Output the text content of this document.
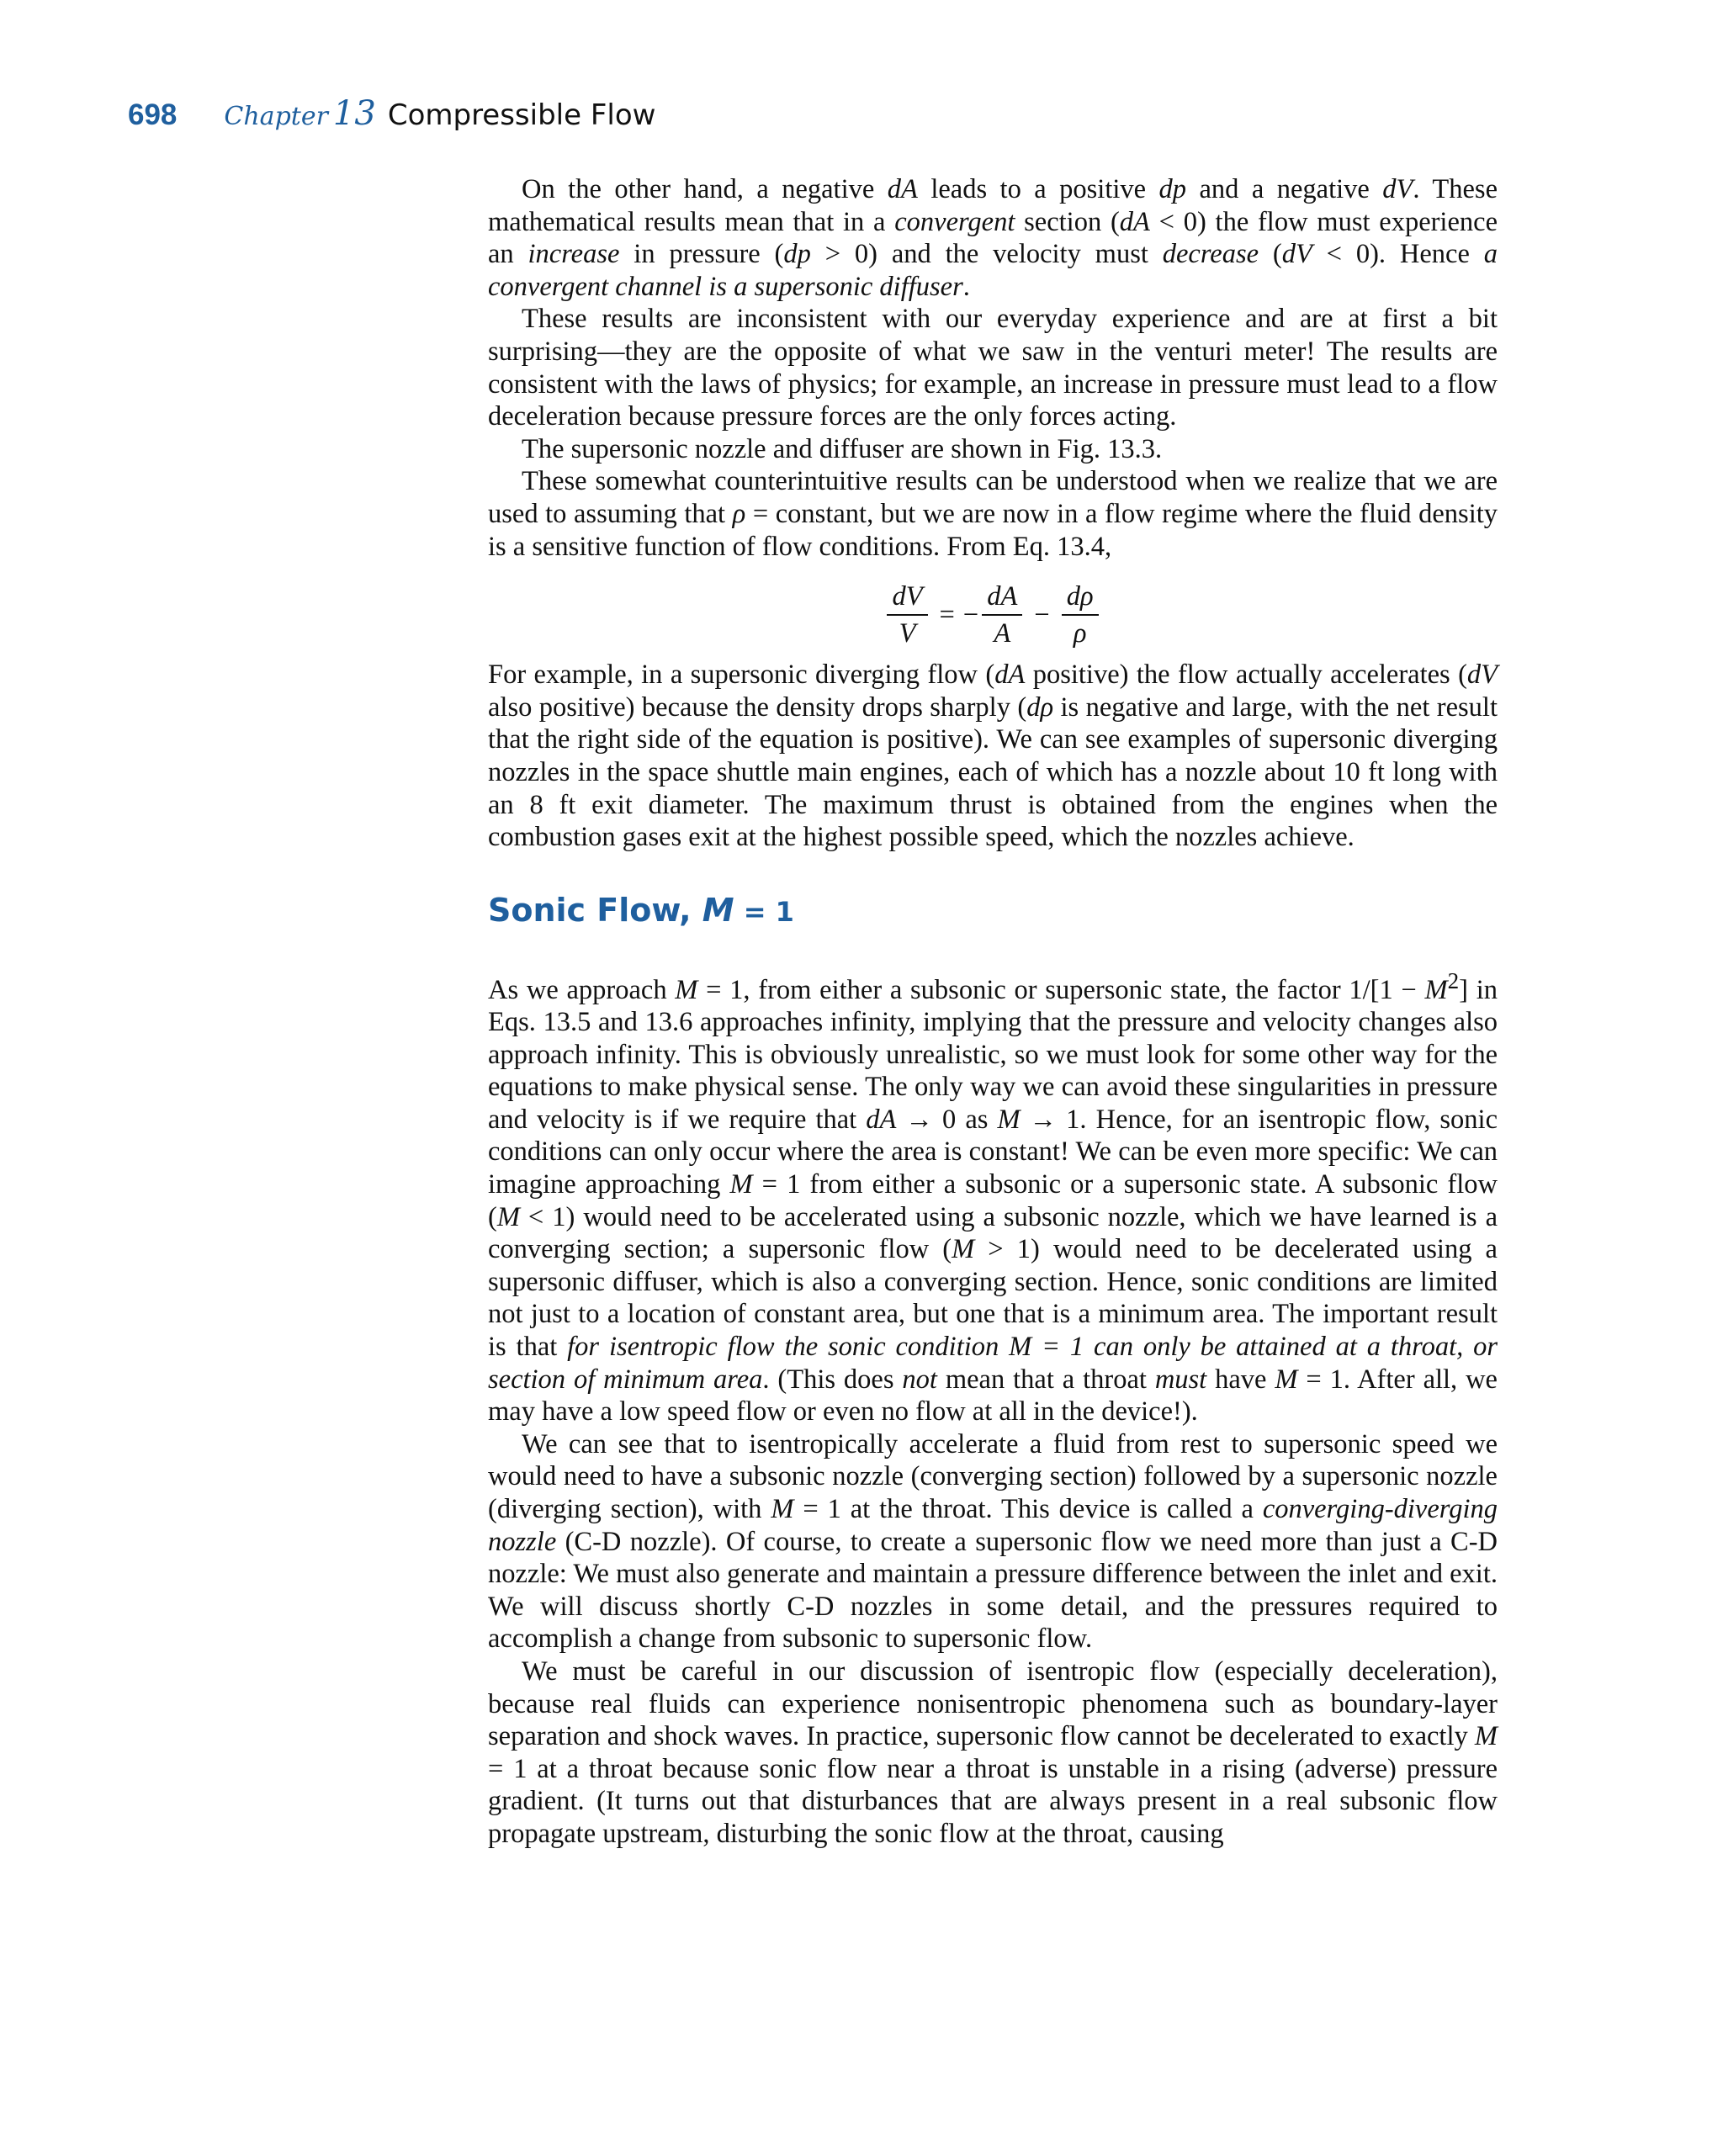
698 Chapter 13 Compressible Flow

On the other hand, a negative dA leads to a positive dp and a negative dV. These mathematical results mean that in a convergent section (dA < 0) the flow must experience an increase in pressure (dp > 0) and the velocity must decrease (dV < 0). Hence a convergent channel is a supersonic diffuser.

These results are inconsistent with our everyday experience and are at first a bit surprising—they are the opposite of what we saw in the venturi meter! The results are consistent with the laws of physics; for example, an increase in pressure must lead to a flow deceleration because pressure forces are the only forces acting.

The supersonic nozzle and diffuser are shown in Fig. 13.3.

These somewhat counterintuitive results can be understood when we realize that we are used to assuming that ρ = constant, but we are now in a flow regime where the fluid density is a sensitive function of flow conditions. From Eq. 13.4,

$\frac{dV}{V}$ = − $\frac{dA}{A} - \frac{d\rho}{\rho}$

For example, in a supersonic diverging flow (dA positive) the flow actually accelerates (dV also positive) because the density drops sharply (dρ is negative and large, with the net result that the right side of the equation is positive). We can see examples of supersonic diverging nozzles in the space shuttle main engines, each of which has a nozzle about 10 ft long with an 8 ft exit diameter. The maximum thrust is obtained from the engines when the combustion gases exit at the highest possible speed, which the nozzles achieve.

Sonic Flow, M = 1

As we approach M = 1, from either a subsonic or supersonic state, the factor $1/[1 - M^2]$ in Eqs. 13.5 and 13.6 approaches infinity, implying that the pressure and velocity changes also approach infinity. This is obviously unrealistic, so we must look for some other way for the equations to make physical sense. The only way we can avoid these singularities in pressure and velocity is if we require that dA → 0 as M → 1. Hence, for an isentropic flow, sonic conditions can only occur where the area is constant! We can be even more specific: We can imagine approaching M = 1 from either a subsonic or a supersonic state. A subsonic flow (M < 1) would need to be accelerated using a subsonic nozzle, which we have learned is a converging section; a supersonic flow (M > 1) would need to be decelerated using a supersonic diffuser, which is also a converging section. Hence, sonic conditions are limited not just to a location of constant area, but one that is a minimum area. The important result is that for isentropic flow the sonic condition M = 1 can only be attained at a throat, or section of minimum area. (This does not mean that a throat must have M = 1. After all, we may have a low speed flow or even no flow at all in the device!).

We can see that to isentropically accelerate a fluid from rest to supersonic speed we would need to have a subsonic nozzle (converging section) followed by a supersonic nozzle (diverging section), with M = 1 at the throat. This device is called a converging-diverging nozzle (C-D nozzle). Of course, to create a supersonic flow we need more than just a C-D nozzle: We must also generate and maintain a pressure difference between the inlet and exit. We will discuss shortly C-D nozzles in some detail, and the pressures required to accomplish a change from subsonic to supersonic flow.

We must be careful in our discussion of isentropic flow (especially deceleration), because real fluids can experience nonisentropic phenomena such as boundary-layer separation and shock waves. In practice, supersonic flow cannot be decelerated to exactly M = 1 at a throat because sonic flow near a throat is unstable in a rising (adverse) pressure gradient. (It turns out that disturbances that are always present in a real subsonic flow propagate upstream, disturbing the sonic flow at the throat, causing
